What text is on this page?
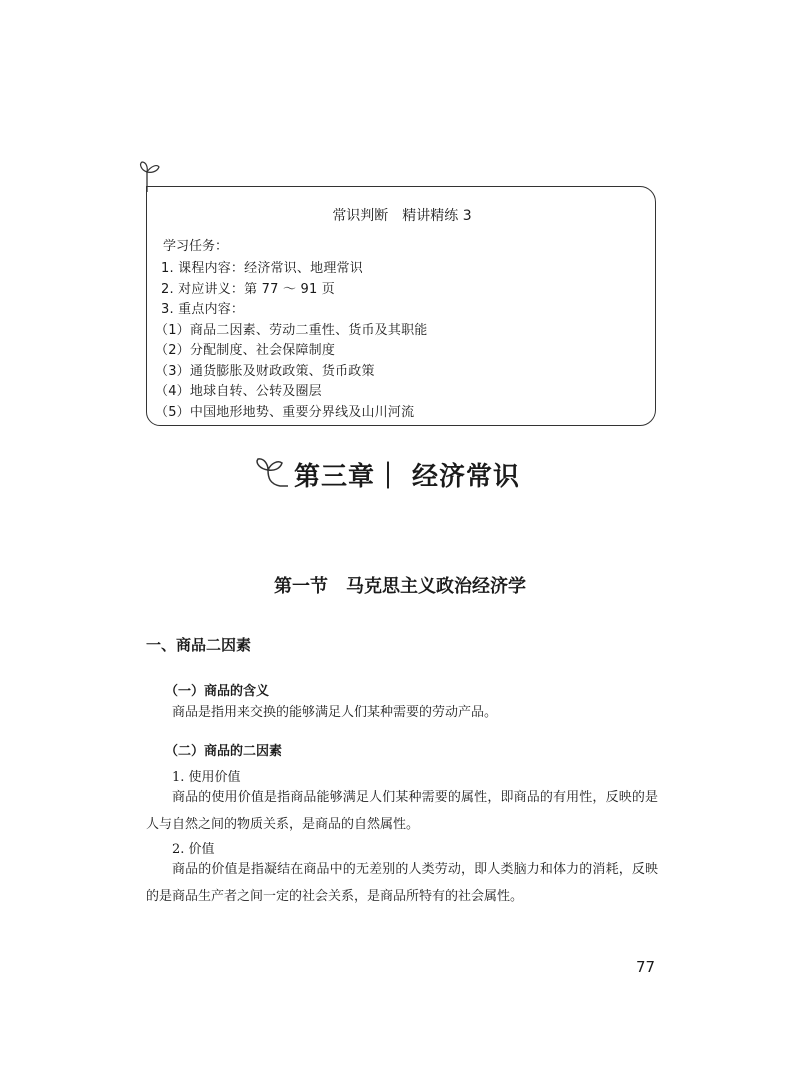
常识判断　精讲精练 3
学习任务：
1. 课程内容：经济常识、地理常识
2. 对应讲义：第 77 ～ 91 页
3. 重点内容：
（1）商品二因素、劳动二重性、货币及其职能
（2）分配制度、社会保障制度
（3）通货膨胀及财政政策、货币政策
（4）地球自转、公转及圈层
（5）中国地形地势、重要分界线及山川河流
第三章｜ 经济常识
第一节　马克思主义政治经济学
一、商品二因素
（一）商品的含义
商品是指用来交换的能够满足人们某种需要的劳动产品。
（二）商品的二因素
1. 使用价值
商品的使用价值是指商品能够满足人们某种需要的属性，即商品的有用性，反映的是人与自然之间的物质关系，是商品的自然属性。
2. 价值
商品的价值是指凝结在商品中的无差别的人类劳动，即人类脑力和体力的消耗，反映的是商品生产者之间一定的社会关系，是商品所特有的社会属性。
77
